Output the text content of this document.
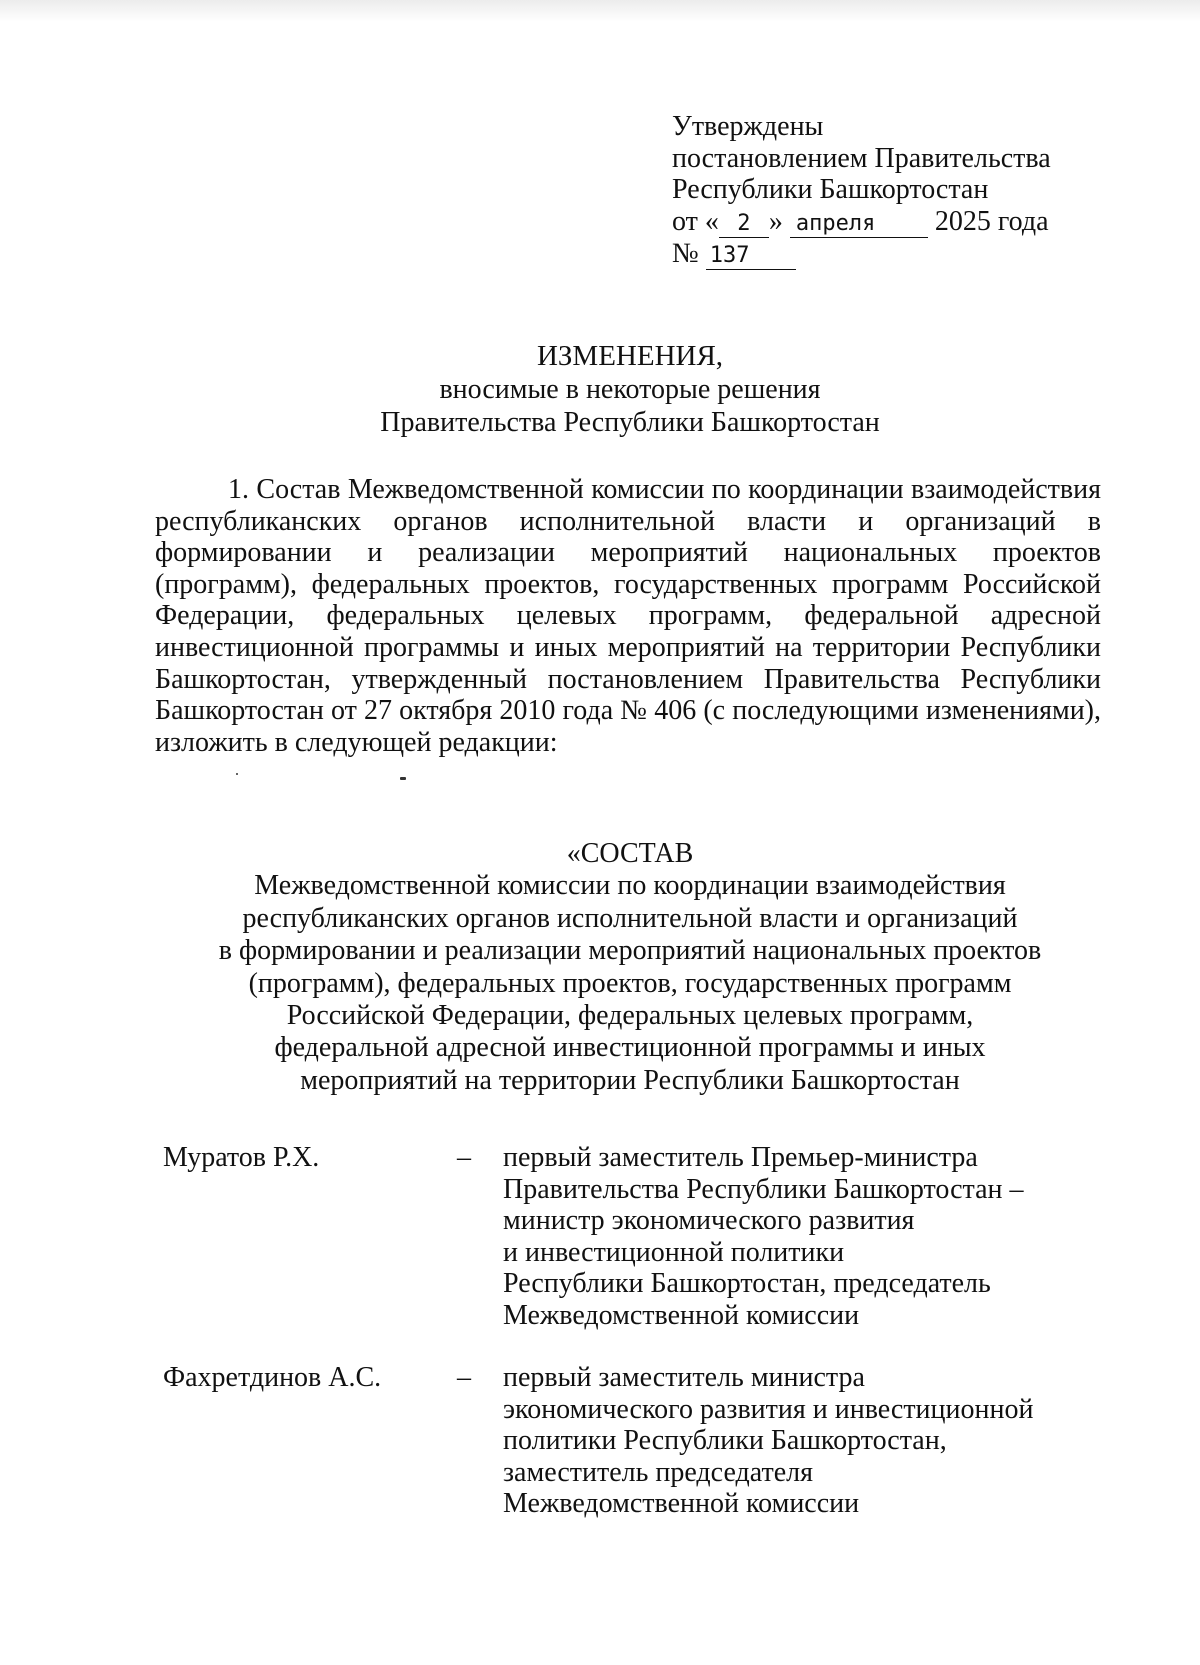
Утверждены
постановлением Правительства
Республики Башкортостан
от « 2 » апреля 2025 года
№ 137
ИЗМЕНЕНИЯ,
вносимые в некоторые решения
Правительства Республики Башкортостан
1. Состав Межведомственной комиссии по координации взаимодействия республиканских органов исполнительной власти и организаций в формировании и реализации мероприятий национальных проектов (программ), федеральных проектов, государственных программ Российской Федерации, федеральных целевых программ, федеральной адресной инвестиционной программы и иных мероприятий на территории Республики Башкортостан, утвержденный постановлением Правительства Республики Башкортостан от 27 октября 2010 года № 406 (с последующими изменениями), изложить в следующей редакции:
«СОСТАВ
Межведомственной комиссии по координации взаимодействия
республиканских органов исполнительной власти и организаций
в формировании и реализации мероприятий национальных проектов
(программ), федеральных проектов, государственных программ
Российской Федерации, федеральных целевых программ,
федеральной адресной инвестиционной программы и иных
мероприятий на территории Республики Башкортостан
Муратов Р.Х.	–	первый заместитель Премьер-министра
Правительства Республики Башкортостан –
министр экономического развития
и инвестиционной политики
Республики Башкортостан, председатель
Межведомственной комиссии
Фахретдинов А.С.	–	первый заместитель министра
экономического развития и инвестиционной
политики Республики Башкортостан,
заместитель председателя
Межведомственной комиссии
